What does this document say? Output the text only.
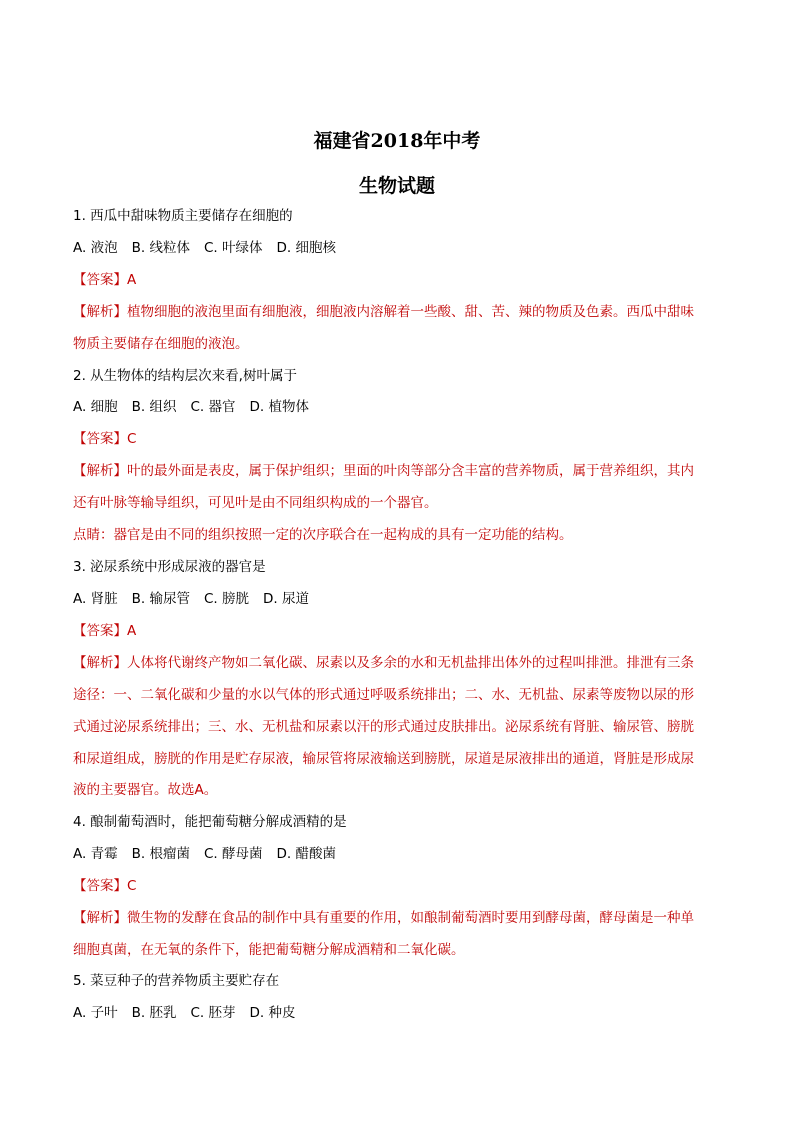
福建省2018年中考
生物试题
1. 西瓜中甜味物质主要储存在细胞的
A. 液泡 B. 线粒体 C. 叶绿体 D. 细胞核
【答案】A
【解析】植物细胞的液泡里面有细胞液，细胞液内溶解着一些酸、甜、苦、辣的物质及色素。西瓜中甜味
物质主要储存在细胞的液泡。
2. 从生物体的结构层次来看,树叶属于
A. 细胞 B. 组织 C. 器官 D. 植物体
【答案】C
【解析】叶的最外面是表皮，属于保护组织；里面的叶肉等部分含丰富的营养物质，属于营养组织，其内
还有叶脉等输导组织，可见叶是由不同组织构成的一个器官。
点睛：器官是由不同的组织按照一定的次序联合在一起构成的具有一定功能的结构。
3. 泌尿系统中形成尿液的器官是
A. 肾脏 B. 输尿管 C. 膀胱 D. 尿道
【答案】A
【解析】人体将代谢终产物如二氧化碳、尿素以及多余的水和无机盐排出体外的过程叫排泄。排泄有三条
途径：一、二氧化碳和少量的水以气体的形式通过呼吸系统排出；二、水、无机盐、尿素等废物以尿的形
式通过泌尿系统排出；三、水、无机盐和尿素以汗的形式通过皮肤排出。泌尿系统有肾脏、输尿管、膀胱
和尿道组成，膀胱的作用是贮存尿液，输尿管将尿液输送到膀胱，尿道是尿液排出的通道，肾脏是形成尿
液的主要器官。故选A。
4. 酿制葡萄酒时，能把葡萄糖分解成酒精的是
A. 青霉 B. 根瘤菌 C. 酵母菌 D. 醋酸菌
【答案】C
【解析】微生物的发酵在食品的制作中具有重要的作用，如酿制葡萄酒时要用到酵母菌，酵母菌是一种单
细胞真菌，在无氧的条件下，能把葡萄糖分解成酒精和二氧化碳。
5. 菜豆种子的营养物质主要贮存在
A. 子叶 B. 胚乳 C. 胚芽 D. 种皮
